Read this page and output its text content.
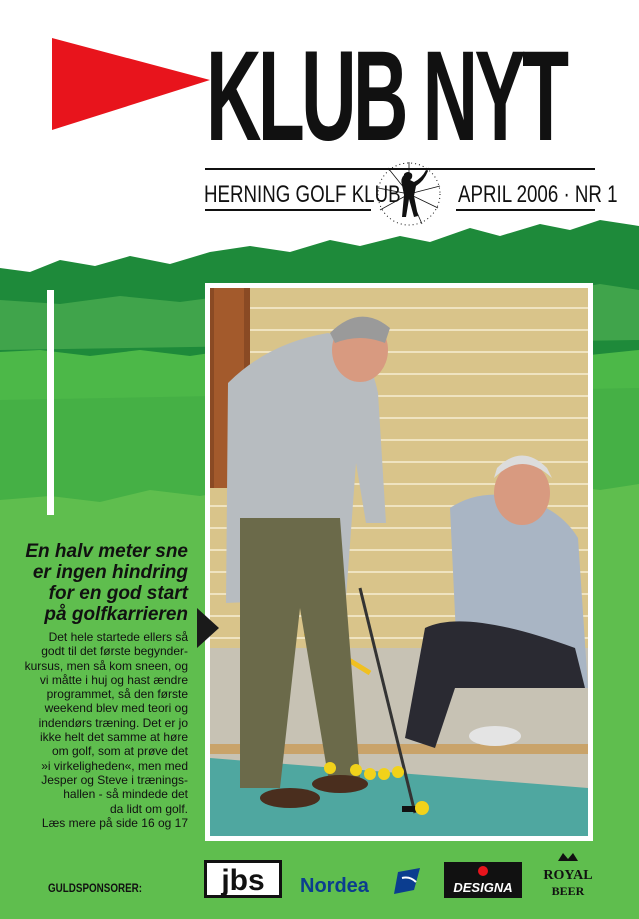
KLUB NYT
HERNING GOLF KLUB APRIL 2006 · NR 1
En halv meter sne
er ingen hindring
for en god start
på golfkarrieren
Det hele startede ellers så
godt til det første begynder-
kursus, men så kom sneen, og
vi måtte i huj og hast ændre
programmet, så den første
weekend blev med teori og
indendørs træning. Det er jo
ikke helt det samme at høre
om golf, som at prøve det
»i virkeligheden«, men med
Jesper og Steve i trænings-
hallen - så mindede det
da lidt om golf.
Læs mere på side 16 og 17
GULDSPONSORER:	jbs Nordea	DESIGNA
ROYAL
BEER
